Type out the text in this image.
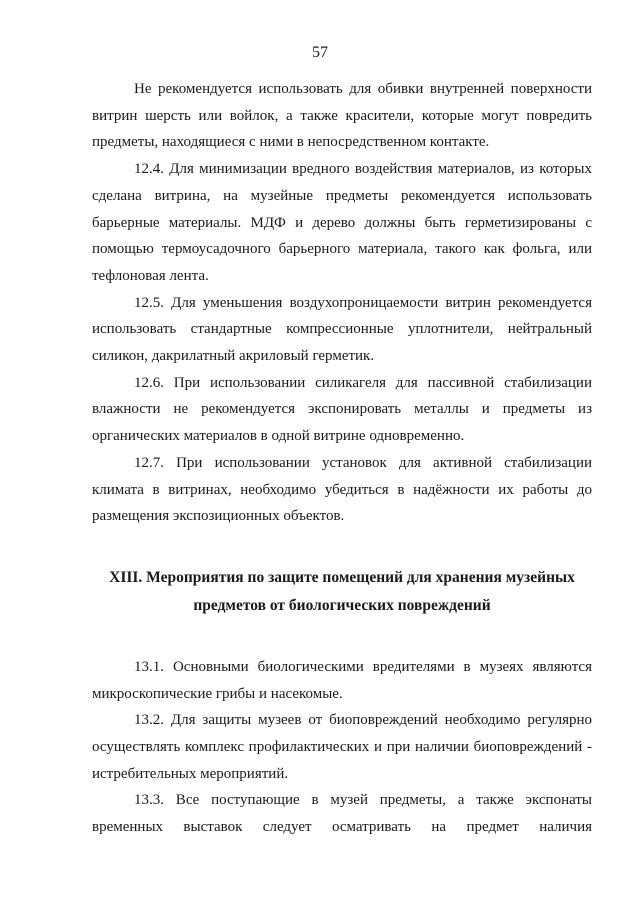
57

Не рекомендуется использовать для обивки внутренней поверхности витрин шерсть или войлок, а также красители, которые могут повредить предметы, находящиеся с ними в непосредственном контакте.

12.4. Для минимизации вредного воздействия материалов, из которых сделана витрина, на музейные предметы рекомендуется использовать барьерные материалы. МДФ и дерево должны быть герметизированы с помощью термоусадочного барьерного материала, такого как фольга, или тефлоновая лента.

12.5. Для уменьшения воздухопроницаемости витрин рекомендуется использовать стандартные компрессионные уплотнители, нейтральный силикон, дакрилатный акриловый герметик.

12.6. При использовании силикагеля для пассивной стабилизации влажности не рекомендуется экспонировать металлы и предметы из органических материалов в одной витрине одновременно.

12.7. При использовании установок для активной стабилизации климата в витринах, необходимо убедиться в надёжности их работы до размещения экспозиционных объектов.

XIII. Мероприятия по защите помещений для хранения музейных
предметов от биологических повреждений

13.1. Основными биологическими вредителями в музеях являются микроскопические грибы и насекомые.

13.2. Для защиты музеев от биоповреждений необходимо регулярно осуществлять комплекс профилактических и при наличии биоповреждений - истребительных мероприятий.

13.3. Все поступающие в музей предметы, а также экспонаты временных выставок следует осматривать на предмет наличия
